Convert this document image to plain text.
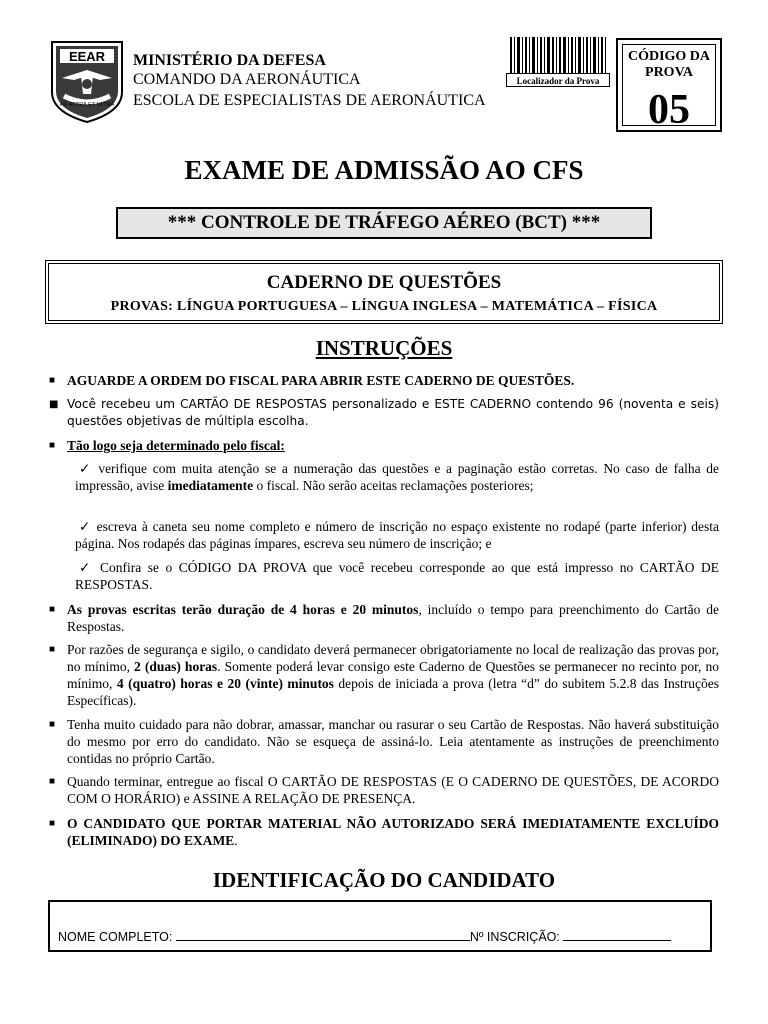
EEAR
AD ASTRA ET ULTRA
MINISTÉRIO DA DEFESA
COMANDO DA AERONÁUTICA
ESCOLA DE ESPECIALISTAS DE AERONÁUTICA
Localizador da Prova
CÓDIGO DA PROVA
05
EXAME DE ADMISSÃO AO CFS
*** CONTROLE DE TRÁFEGO AÉREO (BCT) ***
CADERNO DE QUESTÕES
PROVAS: LÍNGUA PORTUGUESA – LÍNGUA INGLESA – MATEMÁTICA – FÍSICA
INSTRUÇÕES
■ AGUARDE A ORDEM DO FISCAL PARA ABRIR ESTE CADERNO DE QUESTÕES.
■ Você recebeu um CARTÃO DE RESPOSTAS personalizado e ESTE CADERNO contendo 96 (noventa e seis) questões objetivas de múltipla escolha.
■ Tão logo seja determinado pelo fiscal:
✓ verifique com muita atenção se a numeração das questões e a paginação estão corretas. No caso de falha de impressão, avise imediatamente o fiscal. Não serão aceitas reclamações posteriores;
✓ escreva à caneta seu nome completo e número de inscrição no espaço existente no rodapé (parte inferior) desta página. Nos rodapés das páginas ímpares, escreva seu número de inscrição; e
✓ Confira se o CÓDIGO DA PROVA que você recebeu corresponde ao que está impresso no CARTÃO DE RESPOSTAS.
■ As provas escritas terão duração de 4 horas e 20 minutos, incluído o tempo para preenchimento do Cartão de Respostas.
■ Por razões de segurança e sigilo, o candidato deverá permanecer obrigatoriamente no local de realização das provas por, no mínimo, 2 (duas) horas. Somente poderá levar consigo este Caderno de Questões se permanecer no recinto por, no mínimo, 4 (quatro) horas e 20 (vinte) minutos depois de iniciada a prova (letra “d” do subitem 5.2.8 das Instruções Específicas).
■ Tenha muito cuidado para não dobrar, amassar, manchar ou rasurar o seu Cartão de Respostas. Não haverá substituição do mesmo por erro do candidato. Não se esqueça de assiná-lo. Leia atentamente as instruções de preenchimento contidas no próprio Cartão.
■ Quando terminar, entregue ao fiscal O CARTÃO DE RESPOSTAS (E O CADERNO DE QUESTÕES, DE ACORDO COM O HORÁRIO) e ASSINE A RELAÇÃO DE PRESENÇA.
■ O CANDIDATO QUE PORTAR MATERIAL NÃO AUTORIZADO SERÁ IMEDIATAMENTE EXCLUÍDO (ELIMINADO) DO EXAME.
IDENTIFICAÇÃO DO CANDIDATO
NOME COMPLETO:	Nº INSCRIÇÃO:
